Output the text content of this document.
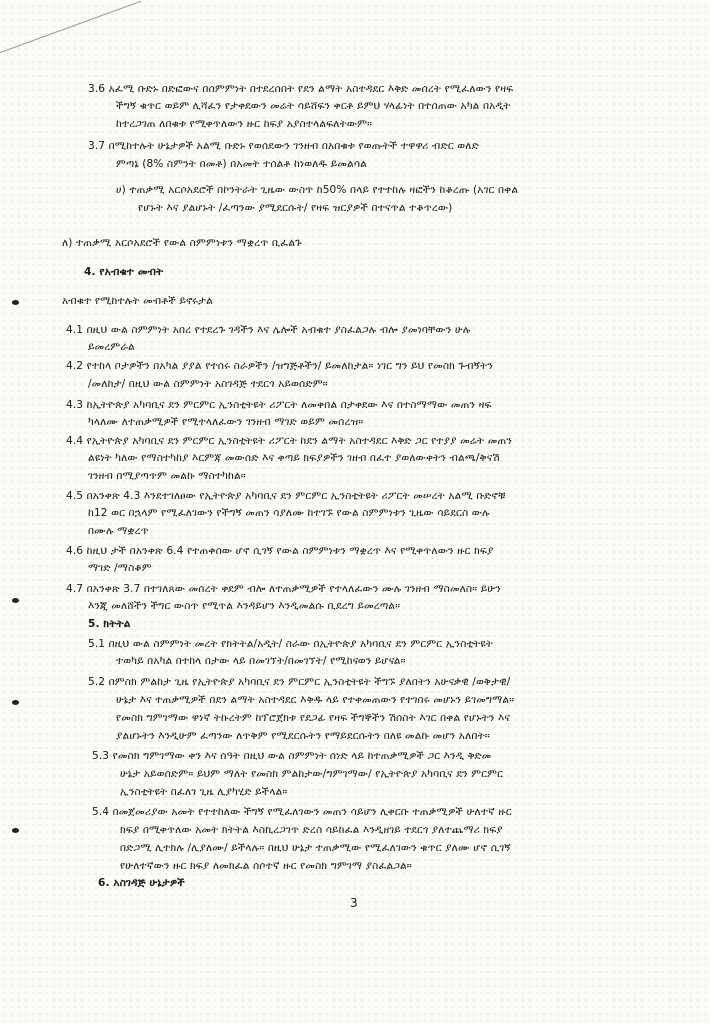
3.6 አፈሚ ቡድኑ በድፎውና በሰምምነት በተደረሰበት የደን ልማት አስተዳደር እቅድ መሰረት የሚፈለውን የዛፍ
ችግኝ ቁጥር ወይም ሊሻፈን የታቀደውን መሬት ሳይሸፍን ቀርቶ ይምህ ሃላፊነት በተሰጠው አካል በአዲት
ከተረጋገጠ ለበቁቱ የሚቀጥለውን ዙር ከፍያ አያስተላልፍለትውም።
3.7 በሚከተሉት ሁኔታዎች አልሚ ቡድኑ የወሰደውን ገንዘብ በአበቁቱ የወጡትች ተዋዋሪ ብድር ወለድ
ምጣኔ (8% ስምንት በመቶ) በአመት ተሰልቶ ከነወለዱ ይመልሳል
ሀ) ተጠቃሚ አርሶአደሮች በኮንትራት ጊዜው ውስጥ ከ50% በላይ የተተከሉ ዛፎችን ከቆረጡ (አገር በቀል
የሆኑት እና ያልሆኑት /ፈጣንው ያሚደርሱት/ የዛፍ ዝርያዎች በተናጥል ተቆጥረው)
ለ) ተጠቃሚ አርሶአደሮች የውል ስምምነቱን ማቋረጥ ቢፈልጉ
4. የአብቁተ መብት
አብቁተ የሚከተሉት መብቶች ይኖሩታል
4.1 በዚህ ውል ስምምነት አበረ የተደረጉ ገዳችን እና ሌሎች አብቁተ ያስፈልጋሉ ብሎ ያመነባቸውን ሁሉ
ይመረምራል
4.2 የተከላ ቦታዎችን በአካል ያያል የተሰሩ ስራዎችን /ዝግጅቶችን/ ይመለከታል። ነገር ግን ይህ የመስክ ጉብኝትን
/መለከታ/ በዚህ ውል ስምምነት አስገዳጅ ተደርጎ አይወሰድም።
4.3 ከኢትዮጵያ አካባቢና ደን ምርምር ኢንስቲትዩት ሪፖርት ለመቀበል በታቀደው እና በተስማማው መጠን ዛፍ
ካላለሙ ለተጠቃሚዎች የሚተላለፈውን ገንዘብ ማገድ ወይም መሰረዝ።
4.4 የኢትዮጵያ አካባቢና ደን ምርምር ኢንስቲትዩት ሪፖርት ከደን ልማት አስተዳደር እቅድ ጋር የተያያ መሬት መጠን
ልዩነት ካለው የማስተካከያ እርምጃ መውሰድ እና ቀጣይ ክፍያዎችን ገዘብ በፈተ ያወለውቀትን ብልጫ/ቅናሽ
ገንዘብ በሚያጣጥም መልኩ ማስተካከል።
4.5 በአንቀጽ 4.3 እንደተገለፀው የኢትዮጵያ አካባቢና ደን ምርምር ኢንስቲትዩት ሪፖርት መሠረት አልሚ ቡድኖቹ
ከ12 ወር በኋላም የሚፈለገውን የችግኝ መጠን ሳያለሙ ከተገኙ የውል ስምምነቱን ጊዜው ሳይደርስ ውሉ
በሙሉ ማቋረጥ
4.6 ከዚህ ታች በአንቀጽ 6.4 የተጠቀሰው ሆኖ ሲገኝ የውል ስምምነቱን ማቋረጥ እና የሚቀጥለውን ዙር ክፍያ
ማገድ /ማስቆም
4.7 በአንቀጽ 3.7 በተገለጸው መሰረት ቀደም ብሎ ለተጠቃሚዎች የተላለፈውን ሙሉ ገንዘብ ማስመለስ። ይሁን
እንጂ መለሸችን ችግር ውስጥ የሚጥል እንዳይሆን እንዲመልሱ ቢደረግ ይመረጣል።
5. ክትትል
5.1 በዚህ ውል ስምምነት መረት የክትትል/አዲት/ ስራው በኢትዮጵያ አካባቢና ደን ምርምር ኢንስቲትዩት
ተወካይ በአካል በተከላ በታው ላይ በመገኘት/በመገኘት/ የሚከናወን ይሆናል።
5.2 በምስክ ምልከታ ጊዜ የኢትዮጵያ አካባቢና ደን ምርምር ኢንስቲትዩት ችግኙ ያለበትን አሁናቃዊ /ወቅታዊ/
ሁኔታ እና ተጠቃሚዎች በደን ልማት አስተዳደር እቅዱ ላይ የተቀመጠውን የተገበሩ መሆኑን ይገመግማል።
የመስክ ግምገማው ዋነኛ ትኩረትም ከፕሮጀክቱ የደጋፊ የዛፍ ችግኞችን ሽሰስት እገር በቀል የሆኑትን እና
ያልሆኑትን እንዲሁም ፈጣንው ለጥቅም የሚደርሱትን የማይደርሱትን በለዩ መልኩ መሆን አለበት።
5.3 የመስክ ግምገማው ቀን እና ሰዓት በዚህ ውል ስምምነት ሰነድ ላይ ከተጠቃሚዎች ጋር እንዲ ቅድመ
ሁኔታ አይወሰድም። ይህም ማለት የመስክ ምልከታው/ግምገማው/ የኢትዮጵያ አካባቢና ደን ምርምር
ኢንስቲትዩት በፈለገ ጊዜ ሊያካሂድ ይችላል።
5.4 በመጀመሪያው አመት የተተከለው ችግኝ የሚፈለገውን መጠን ሳይሆን ሊቀርቡ ተጠቃሚዎች ሁለተኛ ዙር
ክፍያ በሚቀጥለው አመት ክትትል እስኪረጋገጥ ድረስ ሳይከፈል እንዲዘገይ ተደርጎ ያለተጨማሪ ክፍያ
በድጋሚ ሊተክሉ /ሊያለሙ/ ይችላሉ። በዚህ ሁኔታ ተጠቃሚው የሚፈለገውን ቁጥር ያለሙ ሆኖ ሲገኝ
የሁለተኛውን ዙር ክፍያ ለመክፈል ሰሶተኛ ዙር የመስክ ግምገማ ያስፈልጋል።
6. አስገዳጅ ሁኔታዎች
3
